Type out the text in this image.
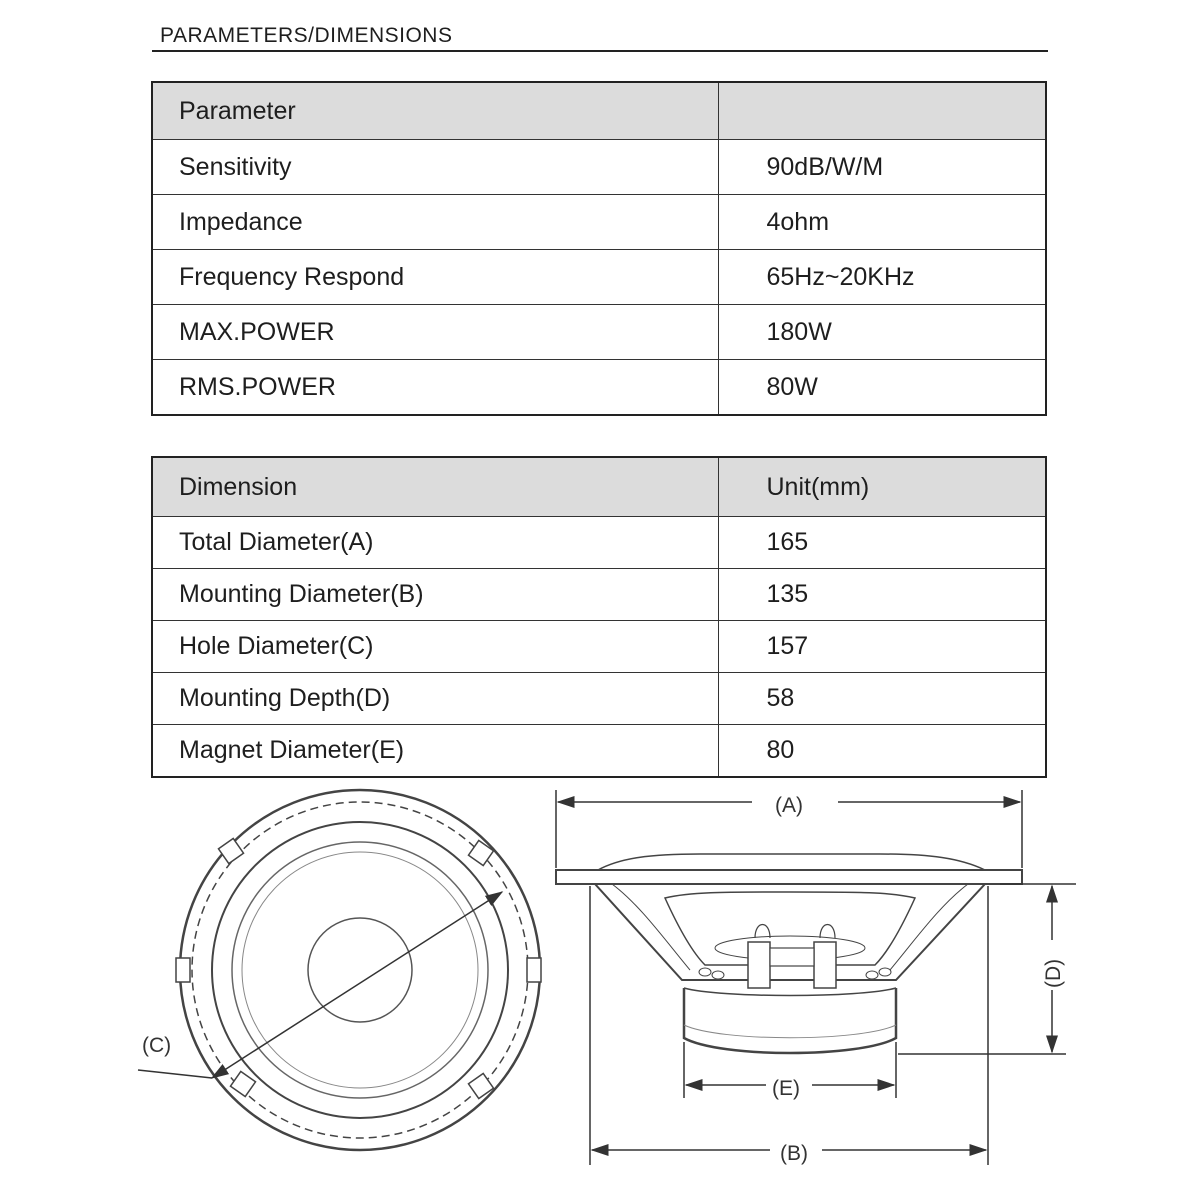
PARAMETERS/DIMENSIONS
Parameter	
Sensitivity	90dB/W/M
Impedance	4ohm
Frequency Respond	65Hz~20KHz
MAX.POWER	180W
RMS.POWER	80W
Dimension	Unit(mm)
Total Diameter(A)	165
Mounting Diameter(B)	135
Hole Diameter(C)	157
Mounting Depth(D)	58
Magnet Diameter(E)	80
(C)
(A)
(E)
(B)
(D)
